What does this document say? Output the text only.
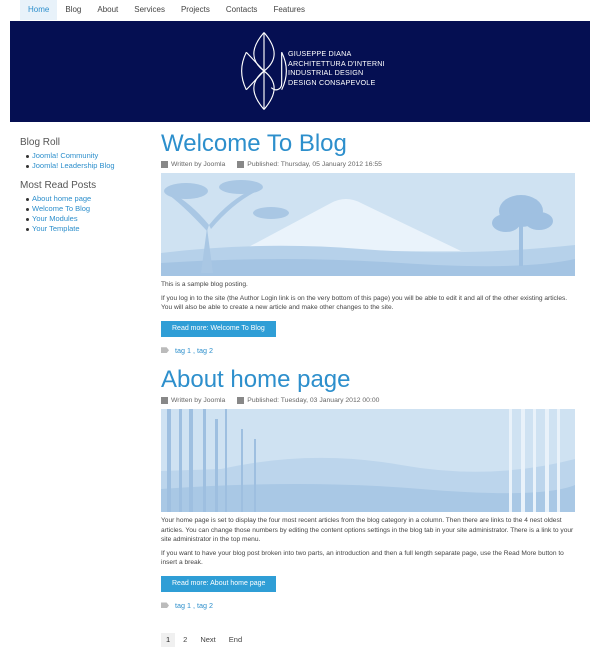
Home	Blog	About	Services	Projects	Contacts	Features
GIUSEPPE DIANA
ARCHITETTURA D'INTERNI
INDUSTRIAL DESIGN
DESIGN CONSAPEVOLE
Blog Roll
Joomla! Community
Joomla! Leadership Blog
Most Read Posts
About home page
Welcome To Blog
Your Modules
Your Template
Welcome To Blog
Written by Joomla	Published: Thursday, 05 January 2012 16:55

This is a sample blog posting.

If you log in to the site (the Author Login link is on the very bottom of this page) you will be able to edit it and all of the other existing articles. You will also be able to create a new article and make other changes to the site.

Read more: Welcome To Blog
tag 1 , tag 2
About home page
Written by Joomla	Published: Tuesday, 03 January 2012 00:00

Your home page is set to display the four most recent articles from the blog category in a column. Then there are links to the 4 nest oldest articles. You can change those numbers by editing the content options settings in the blog tab in your site administrator. There is a link to your site administrator in the top menu.

If you want to have your blog post broken into two parts, an introduction and then a full length separate page, use the Read More button to insert a break.

Read more: About home page
tag 1 , tag 2
1	2	Next	End
